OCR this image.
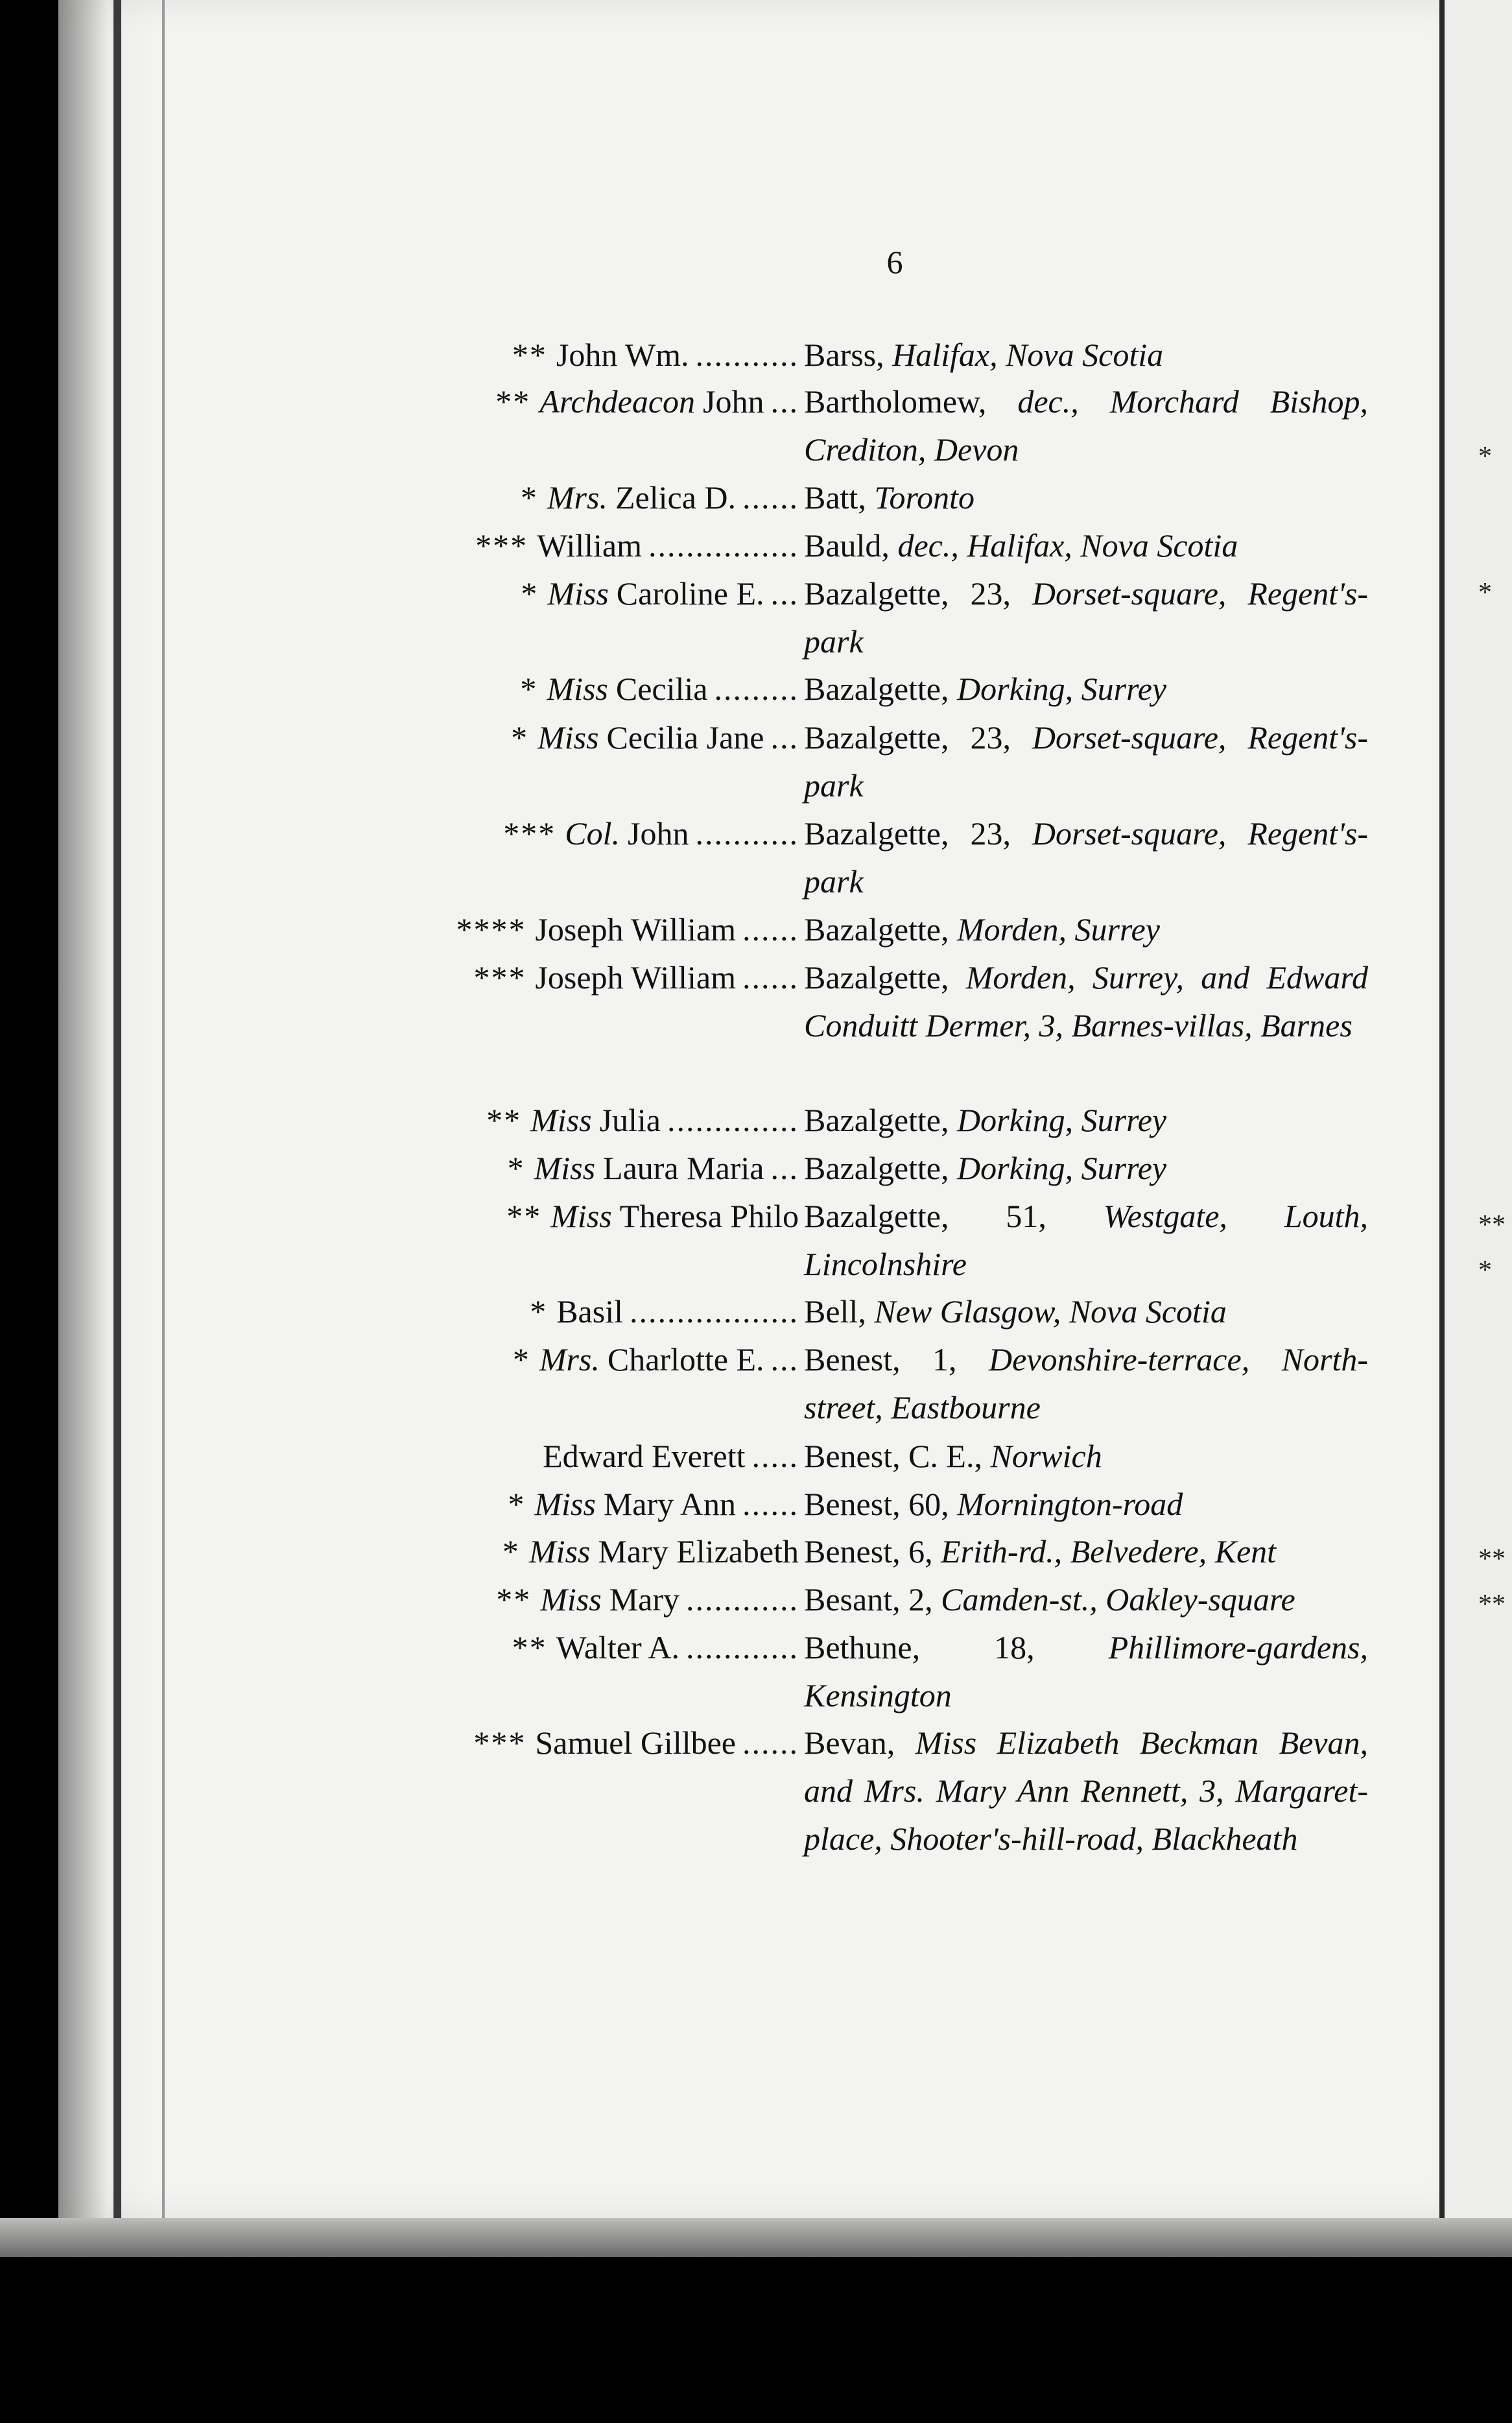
6
** John Wm. ........... Barss, Halifax, Nova Scotia
** Archdeacon John ... Bartholomew, dec., Morchard Bishop, Crediton, Devon
* Mrs. Zelica D. ...... Batt, Toronto
*** William ................ Bauld, dec., Halifax, Nova Scotia
* Miss Caroline E. ... Bazalgette, 23, Dorset-square, Regent's-park
* Miss Cecilia ......... Bazalgette, Dorking, Surrey
* Miss Cecilia Jane ... Bazalgette, 23, Dorset-square, Regent's-park
*** Col. John ........... Bazalgette, 23, Dorset-square, Regent's-park
**** Joseph William ...... Bazalgette, Morden, Surrey
*** Joseph William ...... Bazalgette, Morden, Surrey, and Edward Conduitt Dermer, 3, Barnes-villas, Barnes
** Miss Julia .............. Bazalgette, Dorking, Surrey
* Miss Laura Maria ... Bazalgette, Dorking, Surrey
** Miss Theresa Philo Bazalgette, 51, Westgate, Louth, Lincolnshire
* Basil .................. Bell, New Glasgow, Nova Scotia
* Mrs. Charlotte E. ... Benest, 1, Devonshire-terrace, North-street, Eastbourne
Edward Everett ..... Benest, C. E., Norwich
* Miss Mary Ann ...... Benest, 60, Mornington-road
* Miss Mary Elizabeth Benest, 6, Erith-rd., Belvedere, Kent
** Miss Mary ............ Besant, 2, Camden-st., Oakley-square
** Walter A. ............ Bethune, 18, Phillimore-gardens, Kensington
*** Samuel Gillbee ...... Bevan, Miss Elizabeth Beckman Bevan, and Mrs. Mary Ann Rennett, 3, Margaret-place, Shooter's-hill-road, Blackheath
*
*
**
*
**
**
